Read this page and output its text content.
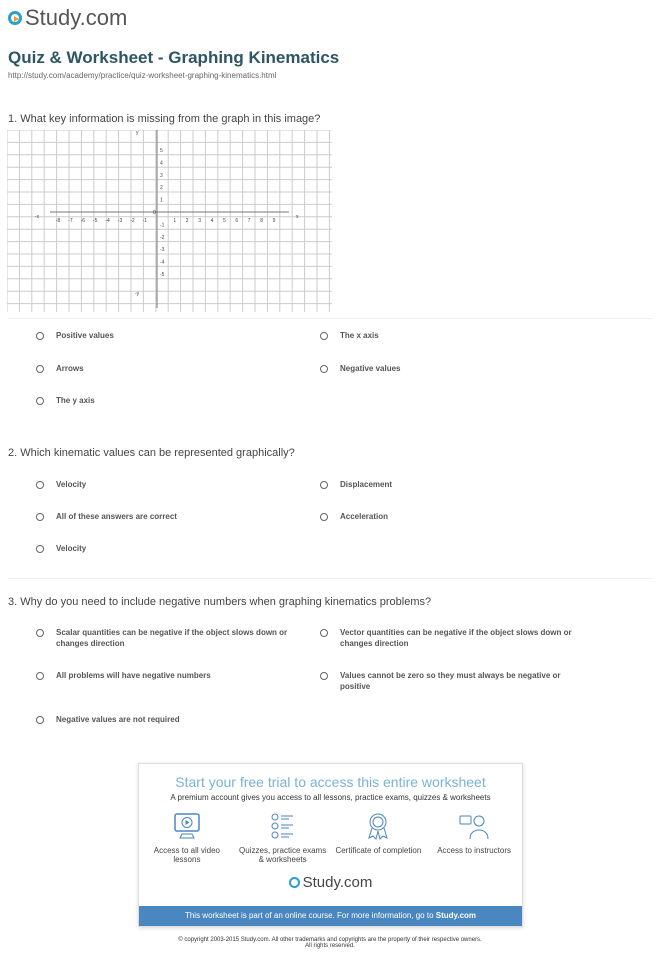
Study.com
Quiz & Worksheet - Graphing Kinematics
http://study.com/academy/practice/quiz-worksheet-graphing-kinematics.html
1. What key information is missing from the graph in this image?
-8 -7 -6 -5 -4 -3 -2 -1	1 2 3 4 5 6 7 8 9
5
4
3
2
1
-1
-2
-3
-4
-5
0
x
-x
y
-y
Positive values	The x axis
Arrows	Negative values
The y axis
Velocity	Displacement
All of these answers are correct	Acceleration
Velocity
Scalar quantities can be negative if the object slows down or changes direction
Vector quantities can be negative if the object slows down or changes direction
All problems will have negative numbers	Values cannot be zero so they must always be negative or positive
Negative values are not required
2. Which kinematic values can be represented graphically?
3. Why do you need to include negative numbers when graphing kinematics problems?
Start your free trial to access this entire worksheet
A premium account gives you access to all lessons, practice exams, quizzes & worksheets
Access to all video lessons
Quizzes, practice exams & worksheets
Certificate of completion	Access to instructors
Study.com
This worksheet is part of an online course. For more information, go to Study.com
© copyright 2003-2015 Study.com. All other trademarks and copyrights are the property of their respective owners.
All rights reserved.
